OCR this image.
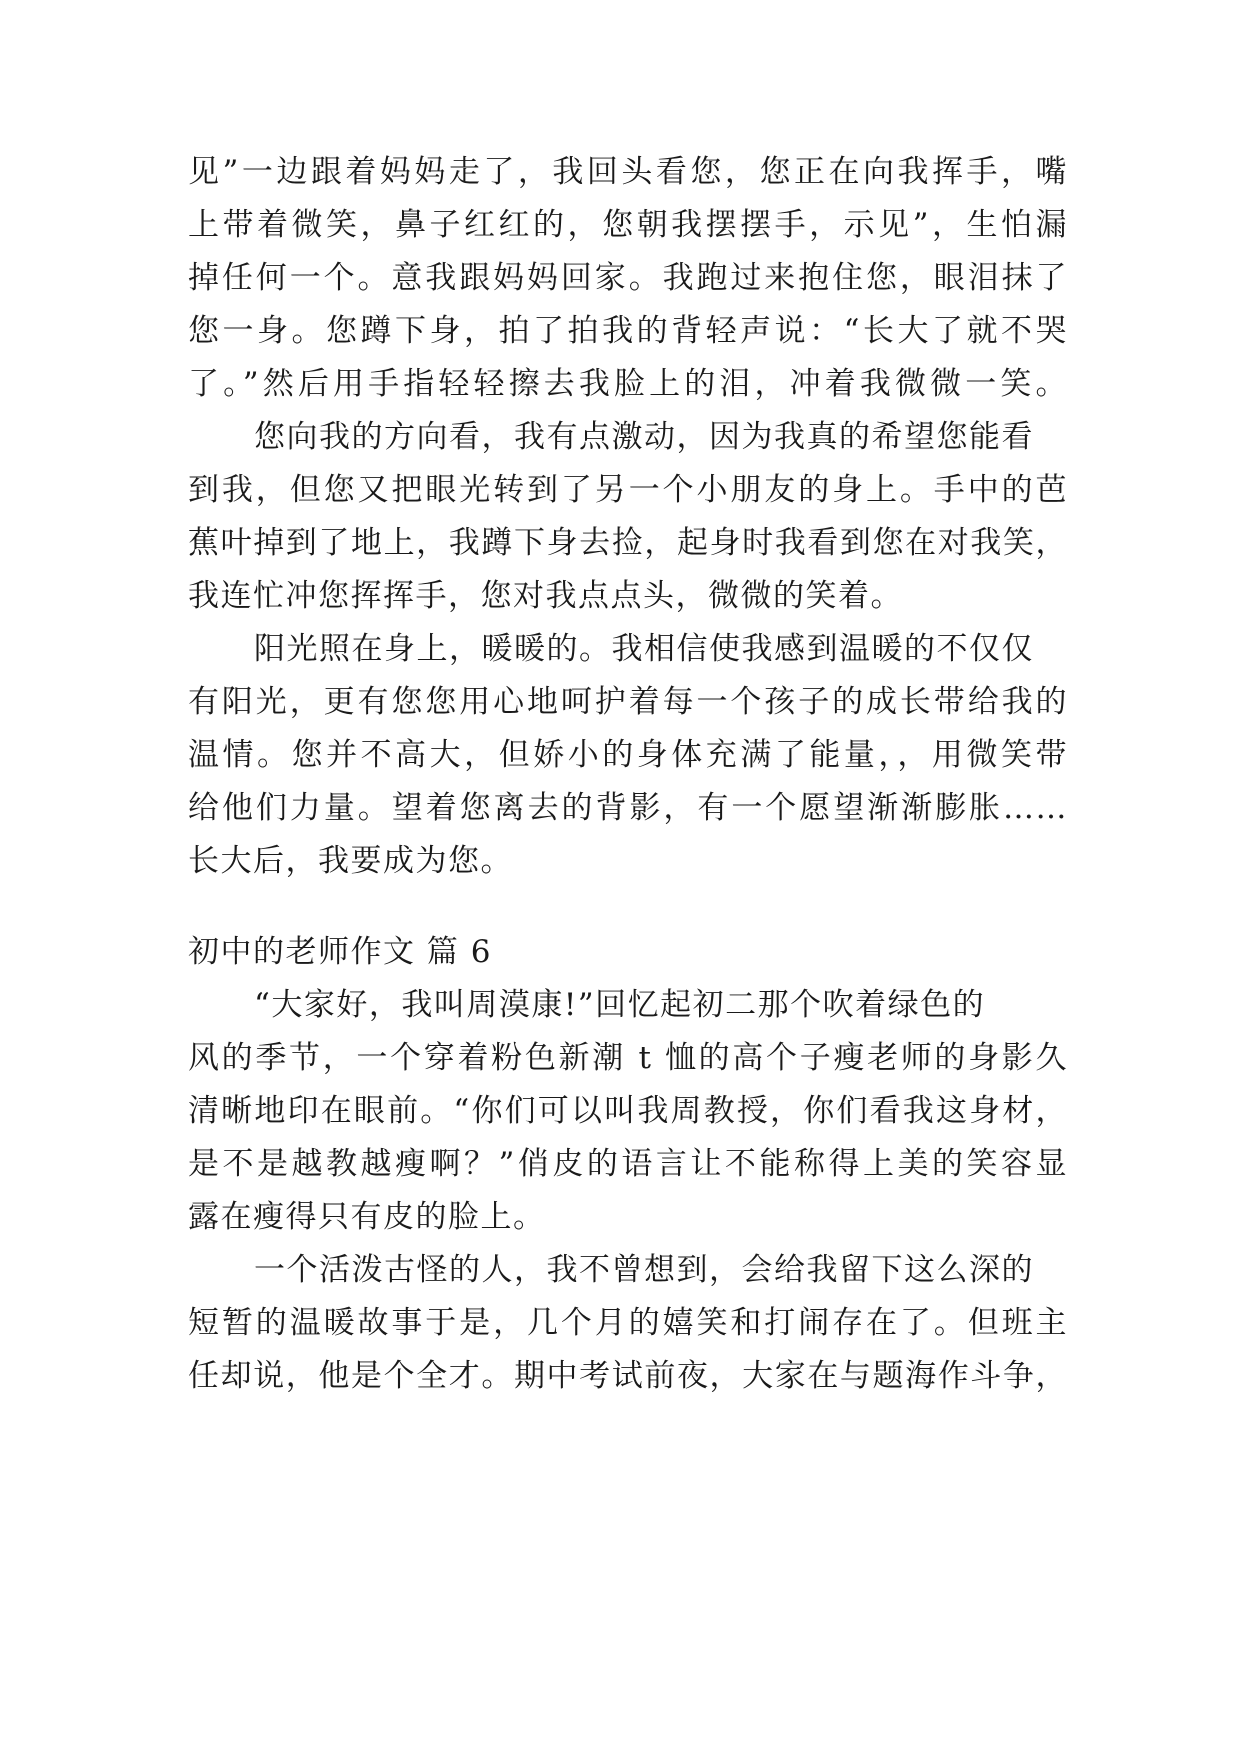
见”一边跟着妈妈走了，我回头看您，您正在向我挥手，嘴
上带着微笑，鼻子红红的，您朝我摆摆手，示见”，生怕漏
掉任何一个。意我跟妈妈回家。我跑过来抱住您，眼泪抹了
您一身。您蹲下身，拍了拍我的背轻声说：“长大了就不哭
了。”然后用手指轻轻擦去我脸上的泪，冲着我微微一笑。
您向我的方向看，我有点激动，因为我真的希望您能看
到我，但您又把眼光转到了另一个小朋友的身上。手中的芭
蕉叶掉到了地上，我蹲下身去捡，起身时我看到您在对我笑，
我连忙冲您挥挥手，您对我点点头，微微的笑着。
阳光照在身上，暖暖的。我相信使我感到温暖的不仅仅
有阳光，更有您您用心地呵护着每一个孩子的成长带给我的
温情。您并不高大，但娇小的身体充满了能量，，用微笑带
给他们力量。望着您离去的背影，有一个愿望渐渐膨胀……
长大后，我要成为您。
初中的老师作文 篇 6
“大家好，我叫周漠康!”回忆起初二那个吹着绿色的
风的季节，一个穿着粉色新潮 t 恤的高个子瘦老师的身影久
清晰地印在眼前。“你们可以叫我周教授，你们看我这身材，
是不是越教越瘦啊？”俏皮的语言让不能称得上美的笑容显
露在瘦得只有皮的脸上。
一个活泼古怪的人，我不曾想到，会给我留下这么深的
短暂的温暖故事于是，几个月的嬉笑和打闹存在了。但班主
任却说，他是个全才。期中考试前夜，大家在与题海作斗争，
